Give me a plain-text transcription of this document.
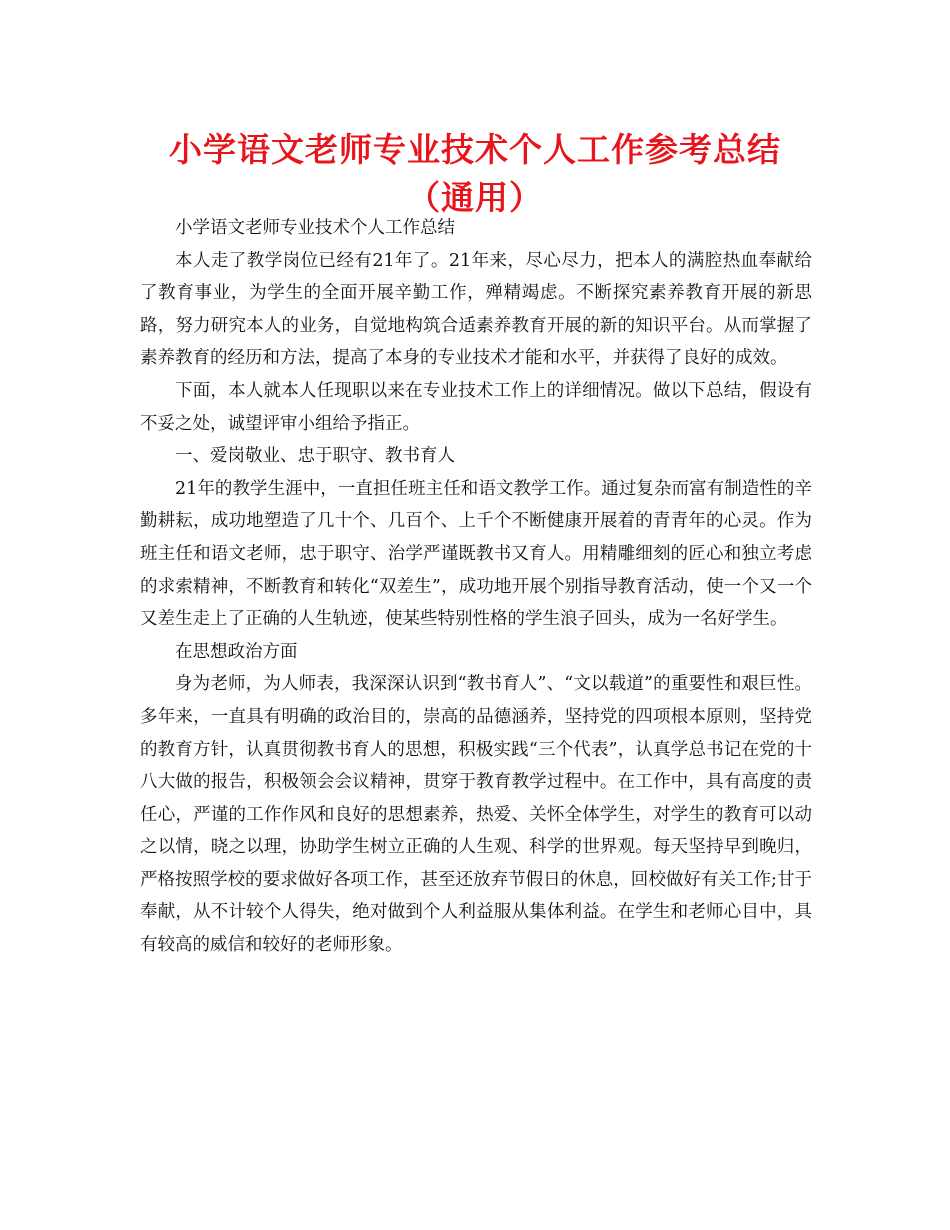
小学语文老师专业技术个人工作参考总结（通用）

小学语文老师专业技术个人工作总结

本人走了教学岗位已经有21年了。21年来，尽心尽力，把本人的满腔热血奉献给了教育事业，为学生的全面开展辛勤工作，殚精竭虑。不断探究素养教育开展的新思路，努力研究本人的业务，自觉地构筑合适素养教育开展的新的知识平台。从而掌握了素养教育的经历和方法，提高了本身的专业技术才能和水平，并获得了良好的成效。

下面，本人就本人任现职以来在专业技术工作上的详细情况。做以下总结，假设有不妥之处，诚望评审小组给予指正。

一、爱岗敬业、忠于职守、教书育人

21年的教学生涯中，一直担任班主任和语文教学工作。通过复杂而富有制造性的辛勤耕耘，成功地塑造了几十个、几百个、上千个不断健康开展着的青青年的心灵。作为班主任和语文老师，忠于职守、治学严谨既教书又育人。用精雕细刻的匠心和独立考虑的求索精神，不断教育和转化“双差生”，成功地开展个别指导教育活动，使一个又一个又差生走上了正确的人生轨迹，使某些特别性格的学生浪子回头，成为一名好学生。

在思想政治方面

身为老师，为人师表，我深深认识到“教书育人”、“文以载道”的重要性和艰巨性。多年来，一直具有明确的政治目的，崇高的品德涵养，坚持党的四项根本原则，坚持党的教育方针，认真贯彻教书育人的思想，积极实践“三个代表”，认真学总书记在党的十八大做的报告，积极领会会议精神，贯穿于教育教学过程中。在工作中，具有高度的责任心，严谨的工作作风和良好的思想素养，热爱、关怀全体学生，对学生的教育可以动之以情，晓之以理，协助学生树立正确的人生观、科学的世界观。每天坚持早到晚归，严格按照学校的要求做好各项工作，甚至还放弃节假日的休息，回校做好有关工作;甘于奉献，从不计较个人得失，绝对做到个人利益服从集体利益。在学生和老师心目中，具有较高的威信和较好的老师形象。
